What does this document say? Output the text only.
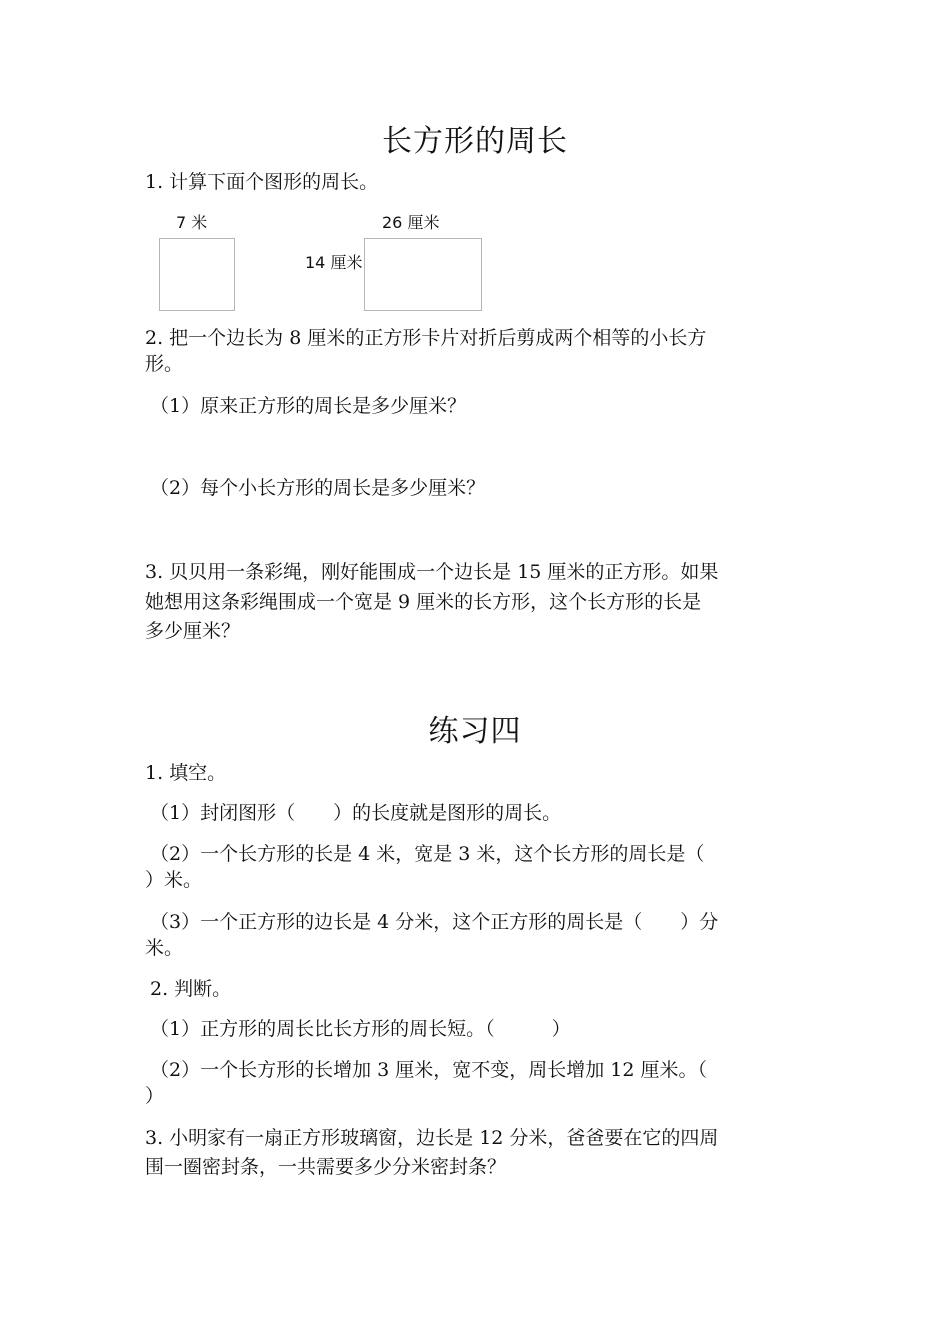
长方形的周长
1. 计算下面个图形的周长。
7 米	26 厘米
14 厘米
2. 把一个边长为 8 厘米的正方形卡片对折后剪成两个相等的小长方
形。
（1）原来正方形的周长是多少厘米？
（2）每个小长方形的周长是多少厘米？
3. 贝贝用一条彩绳，刚好能围成一个边长是 15 厘米的正方形。如果
她想用这条彩绳围成一个宽是 9 厘米的长方形，这个长方形的长是
多少厘米？
练习四
1. 填空。
（1）封闭图形（　　）的长度就是图形的周长。
（2）一个长方形的长是 4 米，宽是 3 米，这个长方形的周长是（
）米。
（3）一个正方形的边长是 4 分米，这个正方形的周长是（　　）分
米。
2. 判断。
（1）正方形的周长比长方形的周长短。（　　　）
（2）一个长方形的长增加 3 厘米，宽不变，周长增加 12 厘米。（
）
3. 小明家有一扇正方形玻璃窗，边长是 12 分米，爸爸要在它的四周
围一圈密封条，一共需要多少分米密封条？
